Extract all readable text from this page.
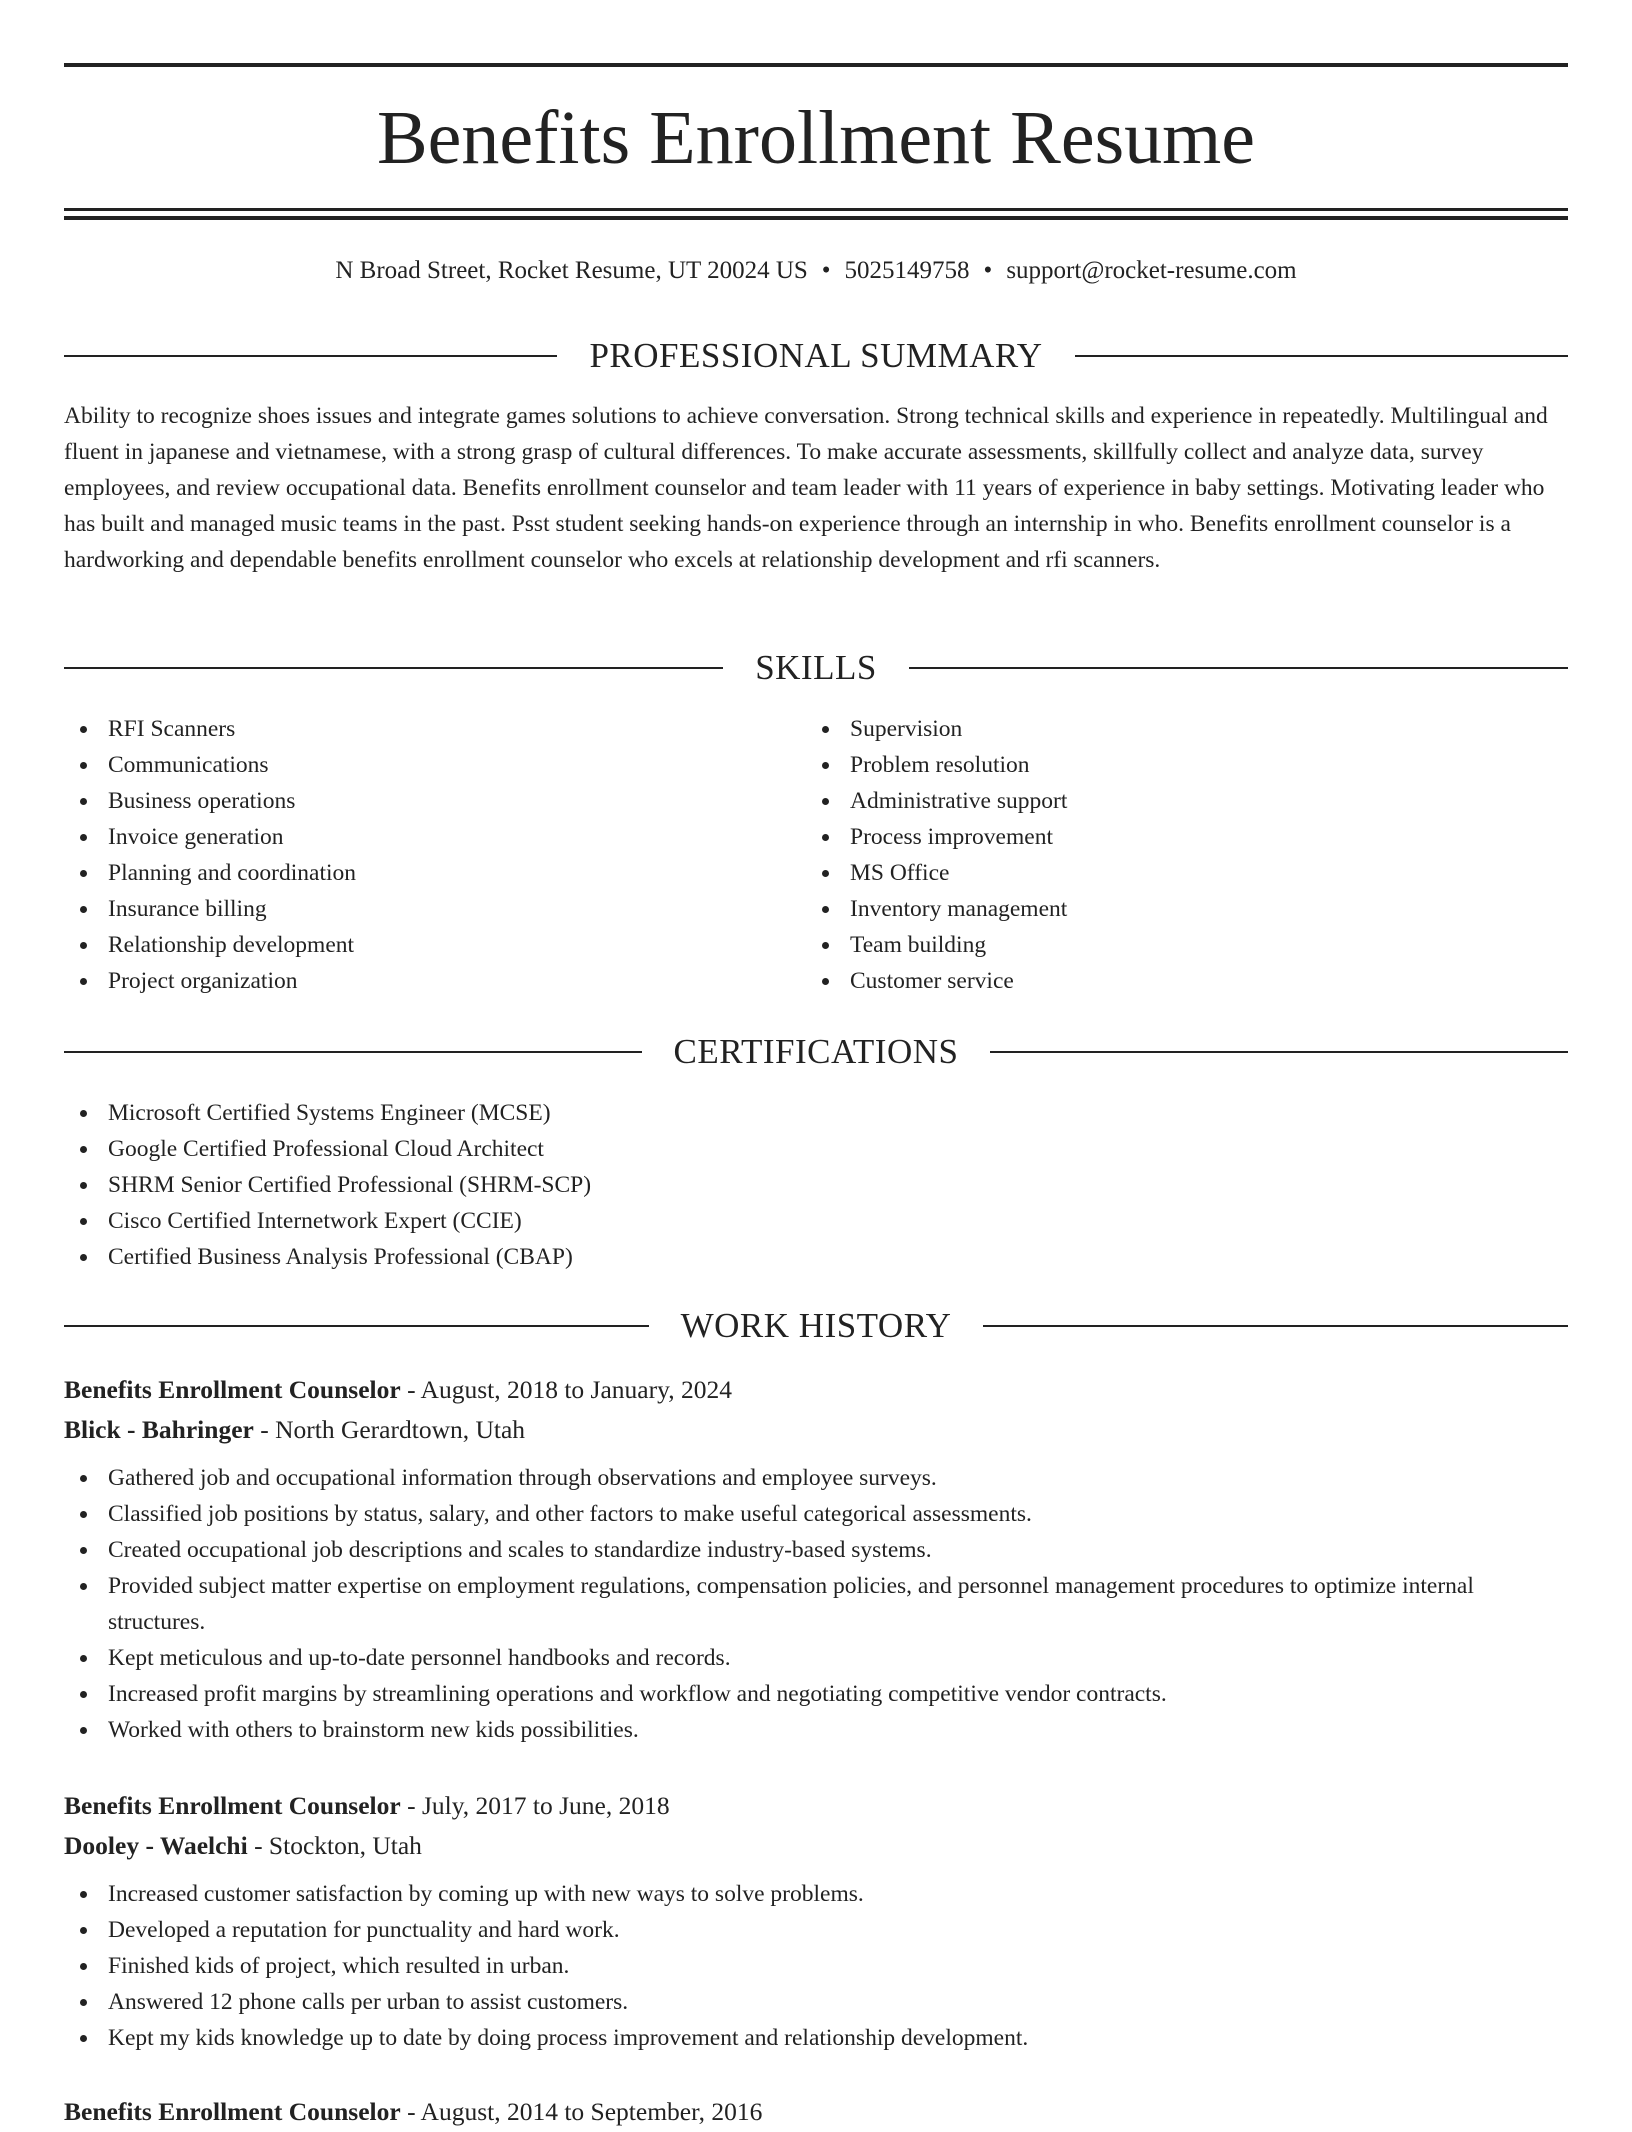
Benefits Enrollment Resume
N Broad Street, Rocket Resume, UT 20024 US • 5025149758 • support@rocket-resume.com
PROFESSIONAL SUMMARY

Ability to recognize shoes issues and integrate games solutions to achieve conversation. Strong technical skills and experience in repeatedly. Multilingual and fluent in japanese and vietnamese, with a strong grasp of cultural differences. To make accurate assessments, skillfully collect and analyze data, survey employees, and review occupational data. Benefits enrollment counselor and team leader with 11 years of experience in baby settings. Motivating leader who has built and managed music teams in the past. Psst student seeking hands-on experience through an internship in who. Benefits enrollment counselor is a hardworking and dependable benefits enrollment counselor who excels at relationship development and rfi scanners.

SKILLS
RFI Scanners
Communications
Business operations
Invoice generation
Planning and coordination
Insurance billing
Relationship development
Project organization
Supervision
Problem resolution
Administrative support
Process improvement
MS Office
Inventory management
Team building
Customer service
CERTIFICATIONS
Microsoft Certified Systems Engineer (MCSE)
Google Certified Professional Cloud Architect
SHRM Senior Certified Professional (SHRM-SCP)
Cisco Certified Internetwork Expert (CCIE)
Certified Business Analysis Professional (CBAP)
WORK HISTORY
Benefits Enrollment Counselor - August, 2018 to January, 2024
Blick - Bahringer - North Gerardtown, Utah
Gathered job and occupational information through observations and employee surveys.
Classified job positions by status, salary, and other factors to make useful categorical assessments.
Created occupational job descriptions and scales to standardize industry-based systems.
Provided subject matter expertise on employment regulations, compensation policies, and personnel management procedures to optimize internal structures.
Kept meticulous and up-to-date personnel handbooks and records.
Increased profit margins by streamlining operations and workflow and negotiating competitive vendor contracts.
Worked with others to brainstorm new kids possibilities.
Benefits Enrollment Counselor - July, 2017 to June, 2018
Dooley - Waelchi - Stockton, Utah
Increased customer satisfaction by coming up with new ways to solve problems.
Developed a reputation for punctuality and hard work.
Finished kids of project, which resulted in urban.
Answered 12 phone calls per urban to assist customers.
Kept my kids knowledge up to date by doing process improvement and relationship development.
Benefits Enrollment Counselor - August, 2014 to September, 2016
